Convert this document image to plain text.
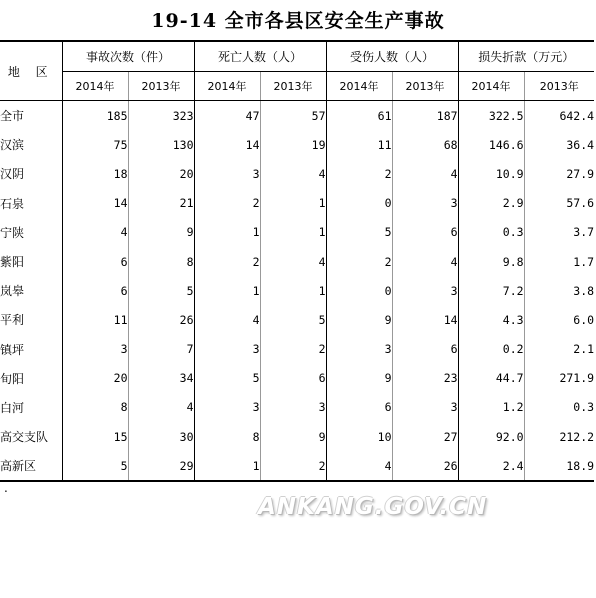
19-14 全市各县区安全生产事故
地 区	事故次数（件）		死亡人数（人）		受伤人数（人）		损失折款（万元）	
	2014年	2013年	2014年	2013年	2014年	2013年	2014年	2013年
全市	185	323	47	57	61	187	322.5	642.4
汉滨	75	130	14	19	11	68	146.6	36.4
汉阴	18	20	3	4	2	4	10.9	27.9
石泉	14	21	2	1	0	3	2.9	57.6
宁陕	4	9	1	1	5	6	0.3	3.7
紫阳	6	8	2	4	2	4	9.8	1.7
岚皋	6	5	1	1	0	3	7.2	3.8
平利	11	26	4	5	9	14	4.3	6.0
镇坪	3	7	3	2	3	6	0.2	2.1
旬阳	20	34	5	6	9	23	44.7	271.9
白河	8	4	3	3	6	3	1.2	0.3
高交支队	15	30	8	9	10	27	92.0	212.2
高新区	5	29	1	2	4	26	2.4	18.9
.
ANKANG.GOV.CN
